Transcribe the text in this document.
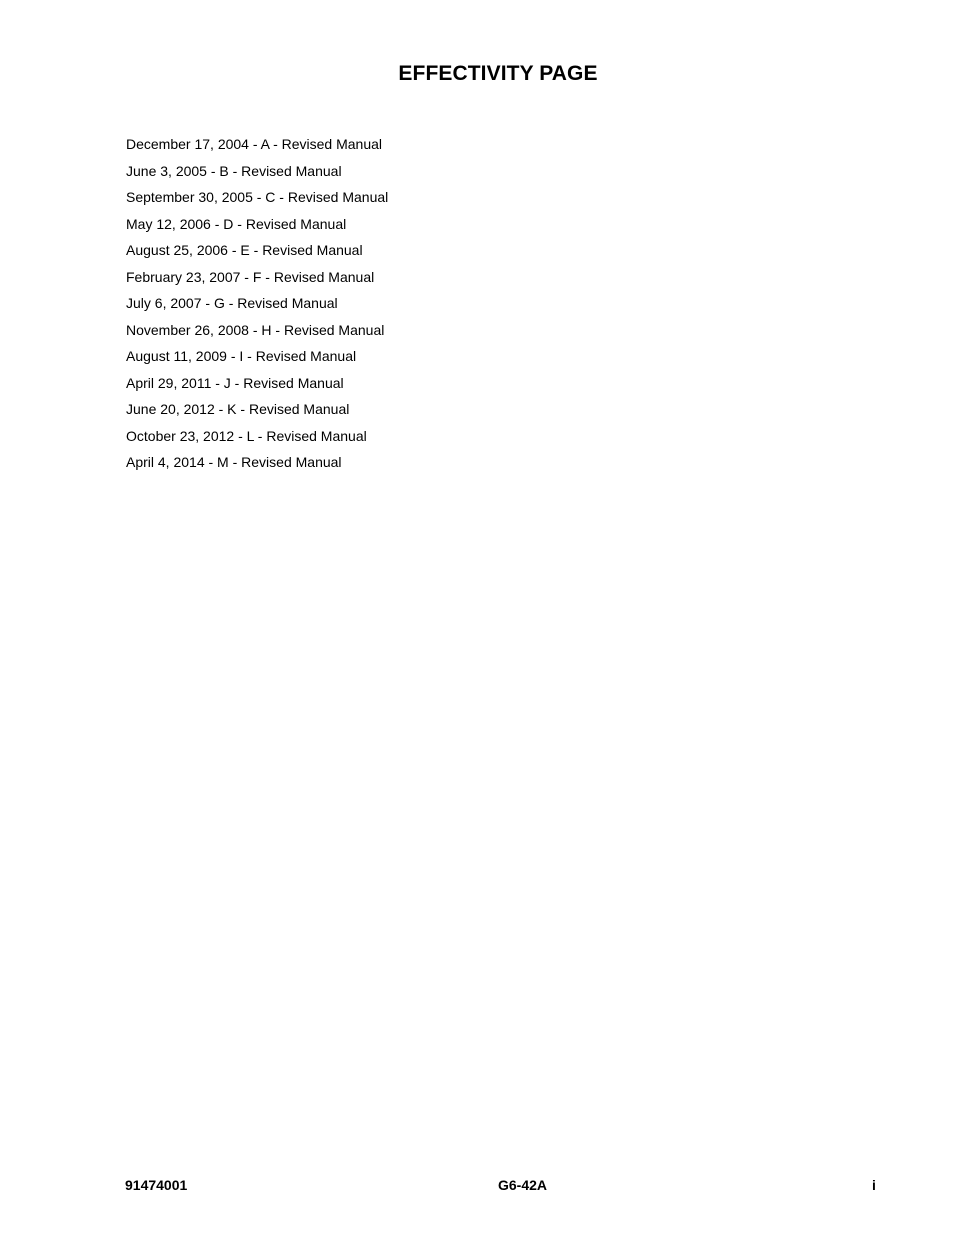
EFFECTIVITY PAGE
December 17, 2004 - A - Revised Manual
June 3, 2005 - B - Revised Manual
September 30, 2005 - C - Revised Manual
May 12, 2006 - D - Revised Manual
August 25, 2006 - E - Revised Manual
February 23, 2007 - F - Revised Manual
July 6, 2007 - G - Revised Manual
November 26, 2008 - H - Revised Manual
August 11, 2009 - I - Revised Manual
April 29, 2011 - J - Revised Manual
June 20, 2012 - K - Revised Manual
October 23, 2012 - L - Revised Manual
April 4, 2014 - M - Revised Manual
91474001	G6-42A	i
